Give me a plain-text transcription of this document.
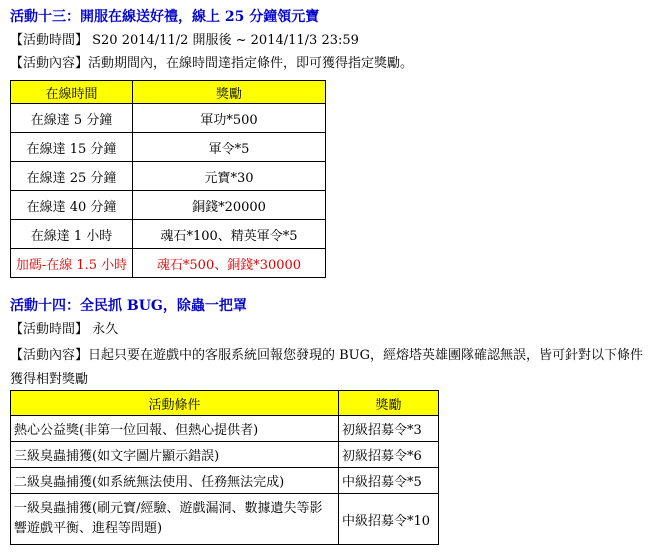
活動十三：開服在線送好禮，線上 25 分鐘領元寶
【活動時間】 S20 2014/11/2 開服後 ~ 2014/11/3 23:59
【活動內容】活動期間內，在線時間達指定條件，即可獲得指定獎勵。
在線時間	獎勵
在線達 5 分鐘	軍功*500
在線達 15 分鐘	軍令*5
在線達 25 分鐘	元寶*30
在線達 40 分鐘	銅錢*20000
在線達 1 小時	魂石*100、精英軍令*5
加碼-在線 1.5 小時	魂石*500、銅錢*30000
活動十四：全民抓 BUG，除蟲一把罩
【活動時間】 永久
【活動內容】日起只要在遊戲中的客服系統回報您發現的 BUG，經熔塔英雄團隊確認無誤，皆可針對以下條件
獲得相對獎勵
活動條件	獎勵
熱心公益獎(非第一位回報、但熱心提供者)	初級招募令*3
三級臭蟲捕獲(如文字圖片顯示錯誤)	初級招募令*6
二級臭蟲捕獲(如系統無法使用、任務無法完成)	中級招募令*5
一級臭蟲捕獲(刷元寶/經驗、遊戲漏洞、數據遺失等影響遊戲平衡、進程等問題)	中級招募令*10
